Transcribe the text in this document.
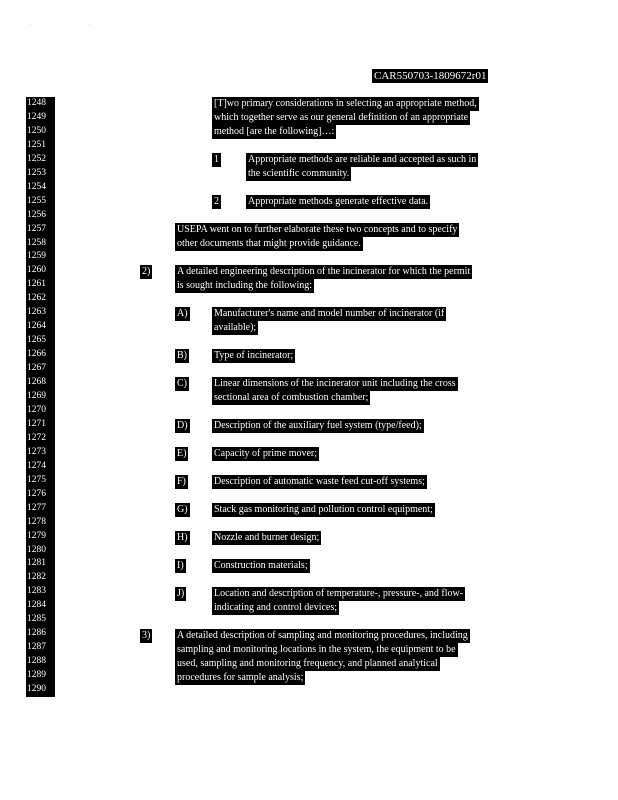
' '
CAR550703-1809672r01
1248
1249
1250
1251
1252
1253
1254
1255
1256
1257
1258
1259
1260
1261
1262
1263
1264
1265
1266
1267
1268
1269
1270
1271
1272
1273
1274
1275
1276
1277
1278
1279
1280
1281
1282
1283
1284
1285
1286
1287
1288
1289
1290
[T]wo primary considerations in selecting an appropriate method,
which together serve as our general definition of an appropriate
method [are the following]…:
1	Appropriate methods are reliable and accepted as such in
the scientific community.
2	Appropriate methods generate effective data.
USEPA went on to further elaborate these two concepts and to specify
other documents that might provide guidance.
2)	A detailed engineering description of the incinerator for which the permit
is sought including the following:
A)	Manufacturer's name and model number of incinerator (if
available);
B)	Type of incinerator;
C)	Linear dimensions of the incinerator unit including the cross
sectional area of combustion chamber;
D)	Description of the auxiliary fuel system (type/feed);
E)	Capacity of prime mover;
F)	Description of automatic waste feed cut-off systems;
G)	Stack gas monitoring and pollution control equipment;
H)	Nozzle and burner design;
I)	Construction materials;
J)	Location and description of temperature-, pressure-, and flow-
indicating and control devices;
3)	A detailed description of sampling and monitoring procedures, including
sampling and monitoring locations in the system, the equipment to be
used, sampling and monitoring frequency, and planned analytical
procedures for sample analysis;
